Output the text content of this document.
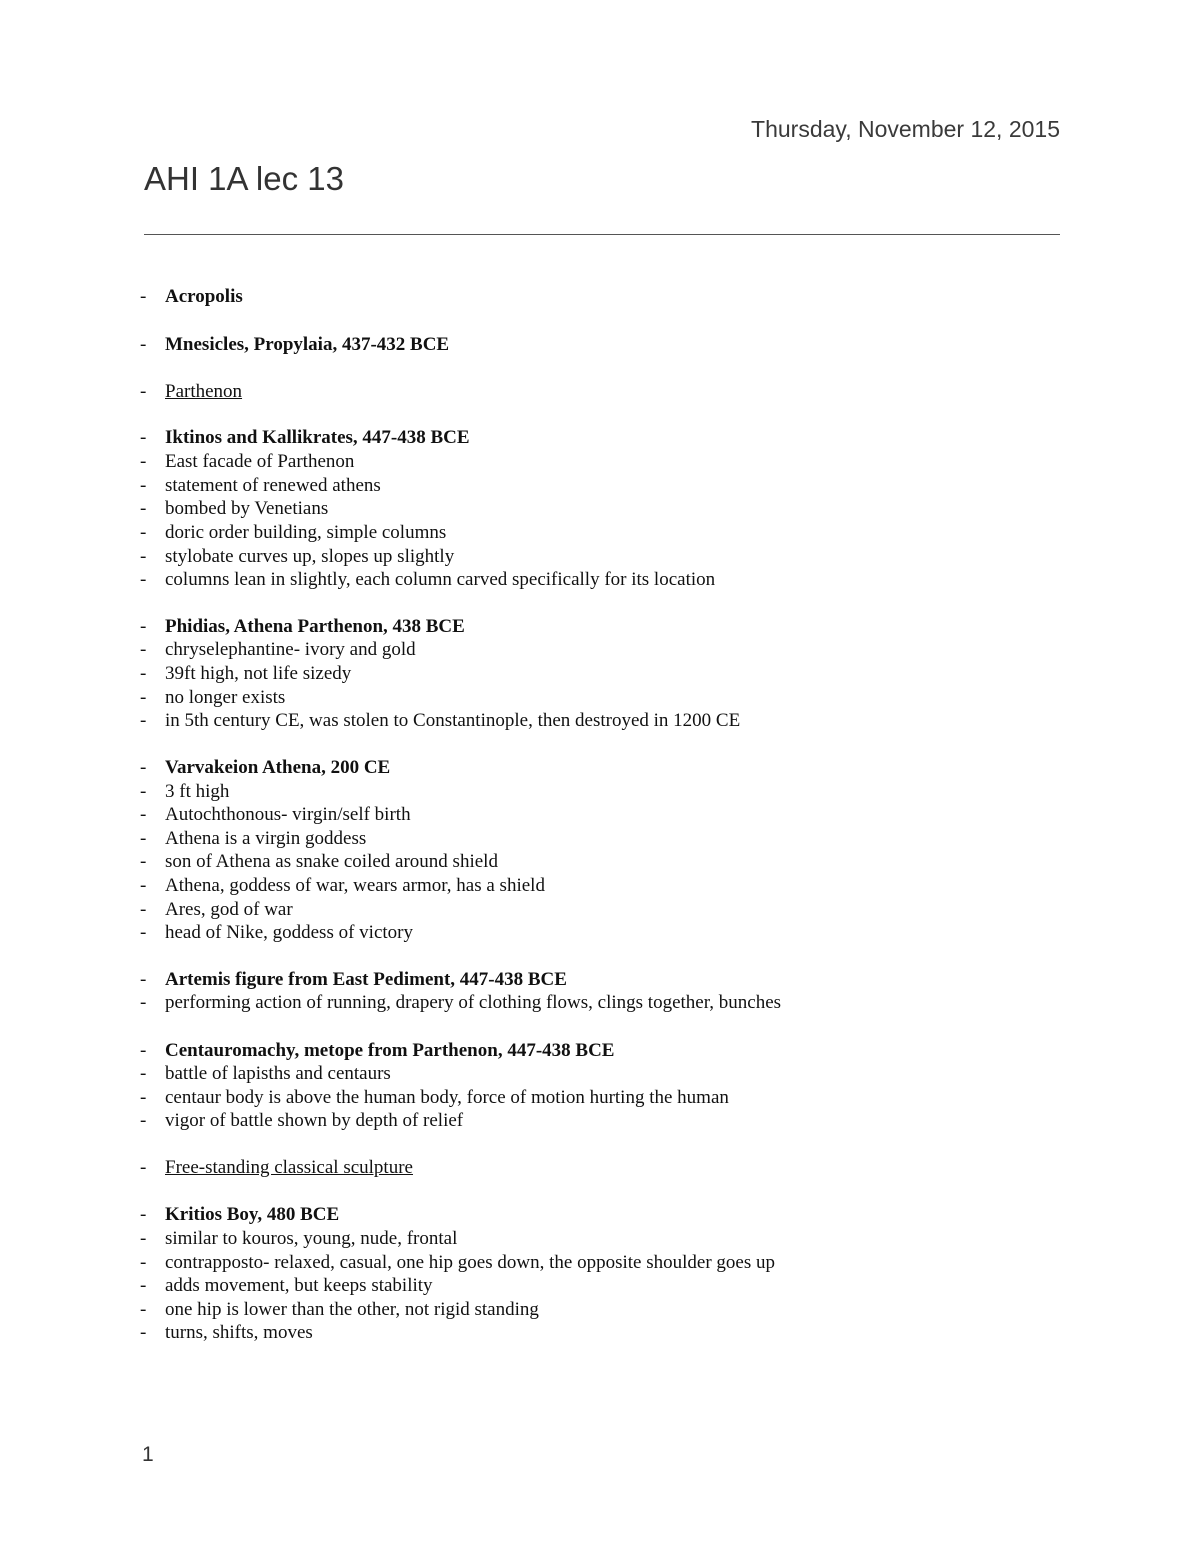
Thursday, November 12, 2015
AHI 1A lec 13
- Acropolis
- Mnesicles, Propylaia, 437-432 BCE
- Parthenon
- Iktinos and Kallikrates, 447-438 BCE
- East facade of Parthenon
- statement of renewed athens
- bombed by Venetians
- doric order building, simple columns
- stylobate curves up, slopes up slightly
- columns lean in slightly, each column carved specifically for its location
- Phidias, Athena Parthenon, 438 BCE
- chryselephantine- ivory and gold
- 39ft high, not life sizedy
- no longer exists
- in 5th century CE, was stolen to Constantinople, then destroyed in 1200 CE
- Varvakeion Athena, 200 CE
- 3 ft high
- Autochthonous- virgin/self birth
- Athena is a virgin goddess
- son of Athena as snake coiled around shield
- Athena, goddess of war, wears armor, has a shield
- Ares, god of war
- head of Nike, goddess of victory
- Artemis figure from East Pediment, 447-438 BCE
- performing action of running, drapery of clothing flows, clings together, bunches
- Centauromachy, metope from Parthenon, 447-438 BCE
- battle of lapisths and centaurs
- centaur body is above the human body, force of motion hurting the human
- vigor of battle shown by depth of relief
- Free-standing classical sculpture
- Kritios Boy, 480 BCE
- similar to kouros, young, nude, frontal
- contrapposto- relaxed, casual, one hip goes down, the opposite shoulder goes up
- adds movement, but keeps stability
- one hip is lower than the other, not rigid standing
- turns, shifts, moves
1
